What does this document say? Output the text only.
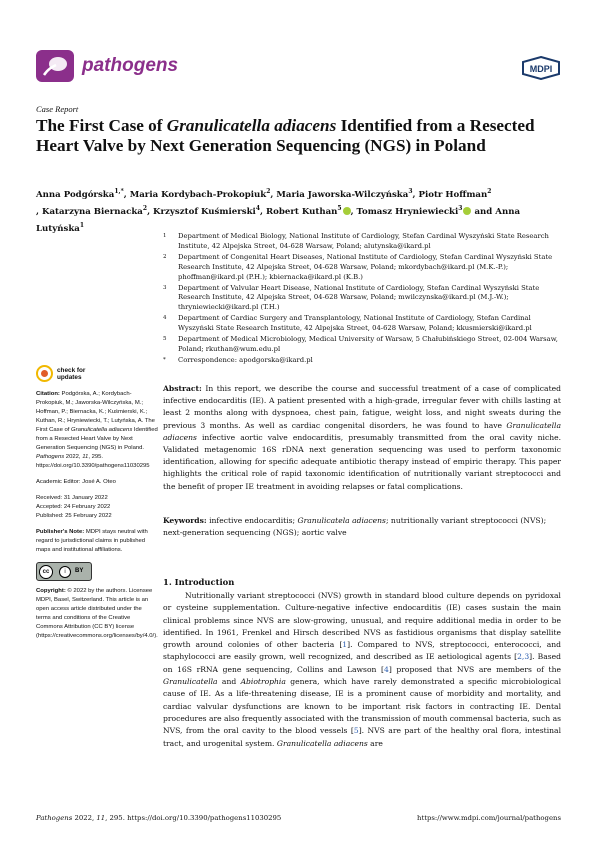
pathogens	MDPI
Case Report
The First Case of Granulicatella adiacens Identified from a Resected Heart Valve by Next Generation Sequencing (NGS) in Poland
Anna Podgórska$^{1,*}$, Maria Kordybach-Prokopiuk$^2$, Maria Jaworska-Wilczyńska$^3$, Piotr Hoffman$^2$
, Katarzyna Biernacka$^2$, Krzysztof Kuśmierski$^4$, Robert Kuthan$^5$ , Tomasz Hryniewiecki$^3$ and Anna Lutyńska$^1$
1	Department of Medical Biology, National Institute of Cardiology, Stefan Cardinal Wyszyński State Research Institute, 42 Alpejska Street, 04-628 Warsaw, Poland; alutynska@ikard.pl
2	Department of Congenital Heart Diseases, National Institute of Cardiology, Stefan Cardinal Wyszyński State Research Institute, 42 Alpejska Street, 04-628 Warsaw, Poland; mkordybach@ikard.pl (M.K.-P.); phoffman@ikard.pl (P.H.); kbiernacka@ikard.pl (K.B.)
3	Department of Valvular Heart Disease, National Institute of Cardiology, Stefan Cardinal Wyszyński State Research Institute, 42 Alpejska Street, 04-628 Warsaw, Poland; mwilczynska@ikard.pl (M.J.-W.); thryniewiecki@ikard.pl (T.H.)
4	Department of Cardiac Surgery and Transplantology, National Institute of Cardiology, Stefan Cardinal Wyszyński State Research Institute, 42 Alpejska Street, 04-628 Warsaw, Poland; kkusmierski@ikard.pl
5	Department of Medical Microbiology, Medical University of Warsaw, 5 Chałubińskiego Street, 02-004 Warsaw, Poland; rkuthan@wum.edu.pl
*	Correspondence: apodgorska@ikard.pl
Abstract: In this report, we describe the course and successful treatment of a case of complicated infective endocarditis (IE). A patient presented with a high-grade, irregular fever with chills lasting at least 2 months along with dyspnoea, chest pain, fatigue, weight loss, and night sweats during the previous 3 months. As well as cardiac congenital disorders, he was found to have Granulicatella adiacens infective aortic valve endocarditis, presumably transmitted from the oral cavity niche. Validated metagenomic 16S rDNA next generation sequencing was used to perform taxonomic identification, allowing for specific adequate antibiotic therapy instead of empiric therapy. This paper highlights the critical role of rapid taxonomic identification of nutritionally variant streptococci and the benefit of proper IE treatment in avoiding relapses or fatal complications.
Keywords: infective endocarditis; Granulicatela adiacens; nutritionally variant streptococci (NVS); next-generation sequencing (NGS); aortic valve
1. Introduction
Nutritionally variant streptococci (NVS) growth in standard blood culture depends on pyridoxal or cysteine supplementation. Culture-negative infective endocarditis (IE) cases sustain the main clinical problems since NVS are slow-growing, unusual, and require additional media in order to be identified. In 1961, Frenkel and Hirsch described NVS as fastidious organisms that display satellite growth around colonies of other bacteria [1]. Compared to NVS, streptococci, enterococci, and staphylococci are easily grown, well recognized, and described as IE aetiological agents [2,3]. Based on 16S rRNA gene sequencing, Collins and Lawson [4] proposed that NVS are members of the Granulicatella and Abiotrophia genera, which have rarely demonstrated a specific microbiological cause of IE. As a life-threatening disease, IE is a prominent cause of morbidity and mortality, and cardiac valvular dysfunctions are known to be important risk factors in contracting IE. Dental procedures are also frequently associated with the transmission of mouth commensal bacteria, such as NVS, from the oral cavity to the blood vessels [5]. NVS are part of the healthy oral flora, intestinal tract, and urogenital system. Granulicatella adiacens are
check for
updates
Citation: Podgórska, A.; Kordybach-Prokopiuk, M.; Jaworska-Wilczyńska, M.; Hoffman, P.; Biernacka, K.; Kuśmierski, K.; Kuthan, R.; Hryniewiecki, T.; Lutyńska, A. The First Case of Granulicatella adiacens Identified from a Resected Heart Valve by Next Generation Sequencing (NGS) in Poland. Pathogens 2022, 11, 295. https://doi.org/10.3390/pathogens11030295
Academic Editor: José A. Oteo
Received: 31 January 2022
Accepted: 24 February 2022
Published: 25 February 2022
Publisher's Note: MDPI stays neutral with regard to jurisdictional claims in published maps and institutional affiliations.
cc	i	BY
Copyright: © 2022 by the authors. Licensee MDPI, Basel, Switzerland. This article is an open access article distributed under the terms and conditions of the Creative Commons Attribution (CC BY) license (https://creativecommons.org/licenses/by/4.0/).
Pathogens 2022, 11, 295. https://doi.org/10.3390/pathogens11030295	https://www.mdpi.com/journal/pathogens
